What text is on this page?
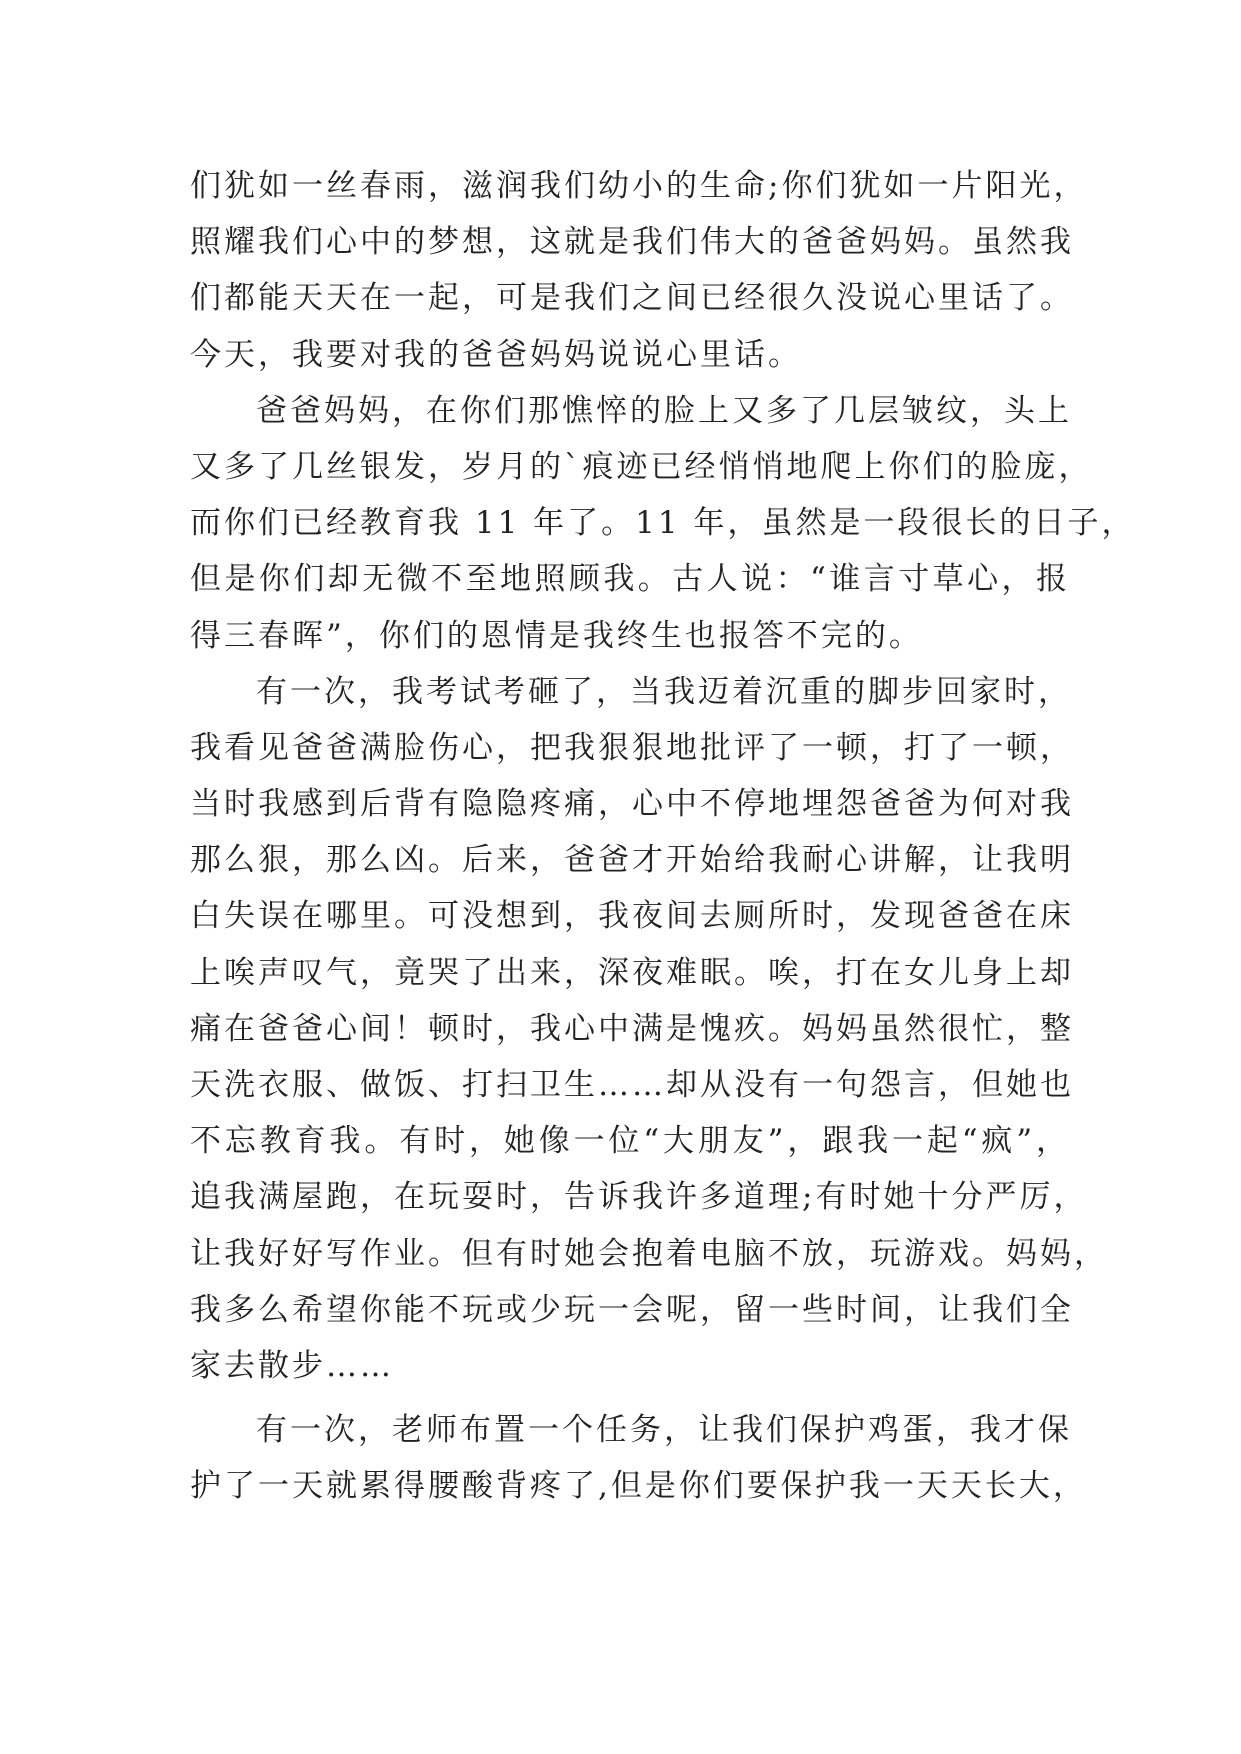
们犹如一丝春雨，滋润我们幼小的生命;你们犹如一片阳光，
照耀我们心中的梦想，这就是我们伟大的爸爸妈妈。虽然我
们都能天天在一起，可是我们之间已经很久没说心里话了。
今天，我要对我的爸爸妈妈说说心里话。
爸爸妈妈，在你们那憔悴的脸上又多了几层皱纹，头上
又多了几丝银发，岁月的`痕迹已经悄悄地爬上你们的脸庞，
而你们已经教育我 11 年了。11 年，虽然是一段很长的日子，
但是你们却无微不至地照顾我。古人说：“谁言寸草心，报
得三春晖”，你们的恩情是我终生也报答不完的。
有一次，我考试考砸了，当我迈着沉重的脚步回家时，
我看见爸爸满脸伤心，把我狠狠地批评了一顿，打了一顿，
当时我感到后背有隐隐疼痛，心中不停地埋怨爸爸为何对我
那么狠，那么凶。后来，爸爸才开始给我耐心讲解，让我明
白失误在哪里。可没想到，我夜间去厕所时，发现爸爸在床
上唉声叹气，竟哭了出来，深夜难眠。唉，打在女儿身上却
痛在爸爸心间！顿时，我心中满是愧疚。妈妈虽然很忙，整
天洗衣服、做饭、打扫卫生……却从没有一句怨言，但她也
不忘教育我。有时，她像一位“大朋友”，跟我一起“疯”，
追我满屋跑，在玩耍时，告诉我许多道理;有时她十分严厉，
让我好好写作业。但有时她会抱着电脑不放，玩游戏。妈妈，
我多么希望你能不玩或少玩一会呢，留一些时间，让我们全
家去散步……
有一次，老师布置一个任务，让我们保护鸡蛋，我才保
护了一天就累得腰酸背疼了,但是你们要保护我一天天长大，
